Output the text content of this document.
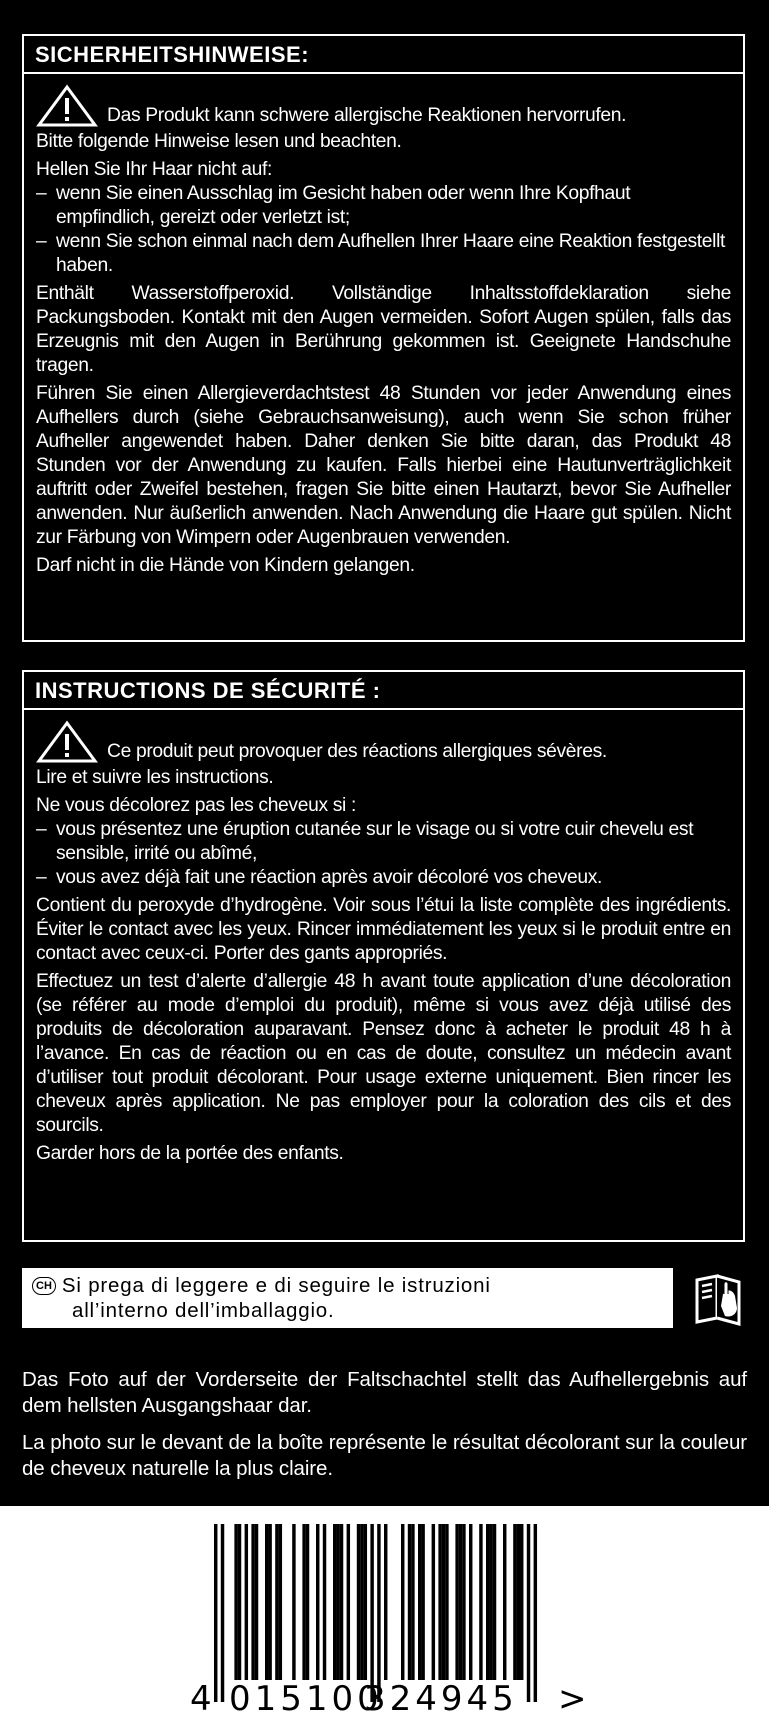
SICHERHEITSHINWEISE:
Das Produkt kann schwere allergische Reaktionen hervorrufen.

Bitte folgende Hinweise lesen und beachten.

Hellen Sie Ihr Haar nicht auf:

– wenn Sie einen Ausschlag im Gesicht haben oder wenn Ihre Kopfhaut empfindlich, gereizt oder verletzt ist;
– wenn Sie schon einmal nach dem Aufhellen Ihrer Haare eine Reaktion festgestellt haben.

Enthält Wasserstoffperoxid. Vollständige Inhaltsstoffdeklaration siehe Packungsboden. Kontakt mit den Augen vermeiden. Sofort Augen spülen, falls das Erzeugnis mit den Augen in Berührung gekommen ist. Geeignete Handschuhe tragen.

Führen Sie einen Allergieverdachtstest 48 Stunden vor jeder Anwendung eines Aufhellers durch (siehe Gebrauchsanweisung), auch wenn Sie schon früher Aufheller angewendet haben. Daher denken Sie bitte daran, das Produkt 48 Stunden vor der Anwendung zu kaufen. Falls hierbei eine Hautunverträglichkeit auftritt oder Zweifel bestehen, fragen Sie bitte einen Hautarzt, bevor Sie Aufheller anwenden. Nur äußerlich anwenden. Nach Anwendung die Haare gut spülen. Nicht zur Färbung von Wimpern oder Augenbrauen verwenden.

Darf nicht in die Hände von Kindern gelangen.

INSTRUCTIONS DE SÉCURITÉ :
Ce produit peut provoquer des réactions allergiques sévères.

Lire et suivre les instructions.

Ne vous décolorez pas les cheveux si :

– vous présentez une éruption cutanée sur le visage ou si votre cuir chevelu est sensible, irrité ou abîmé,
– vous avez déjà fait une réaction après avoir décoloré vos cheveux.

Contient du peroxyde d’hydrogène. Voir sous l’étui la liste complète des ingrédients. Éviter le contact avec les yeux. Rincer immédiatement les yeux si le produit entre en contact avec ceux-ci. Porter des gants appropriés.

Effectuez un test d’alerte d’allergie 48 h avant toute application d’une décoloration (se référer au mode d’emploi du produit), même si vous avez déjà utilisé des produits de décoloration auparavant. Pensez donc à acheter le produit 48 h à l’avance. En cas de réaction ou en cas de doute, consultez un médecin avant d’utiliser tout produit décolorant. Pour usage externe uniquement. Bien rincer les cheveux après application. Ne pas employer pour la coloration des cils et des sourcils.

Garder hors de la portée des enfants.

CH Si prega di leggere e di seguire le istruzioni
all’interno dell’imballaggio.

Das Foto auf der Vorderseite der Faltschachtel stellt das Aufhellergebnis auf dem hellsten Ausgangshaar dar.

La photo sur le devant de la boîte représente le résultat décolorant sur la couleur de cheveux naturelle la plus claire.

4 015100
324945 >
